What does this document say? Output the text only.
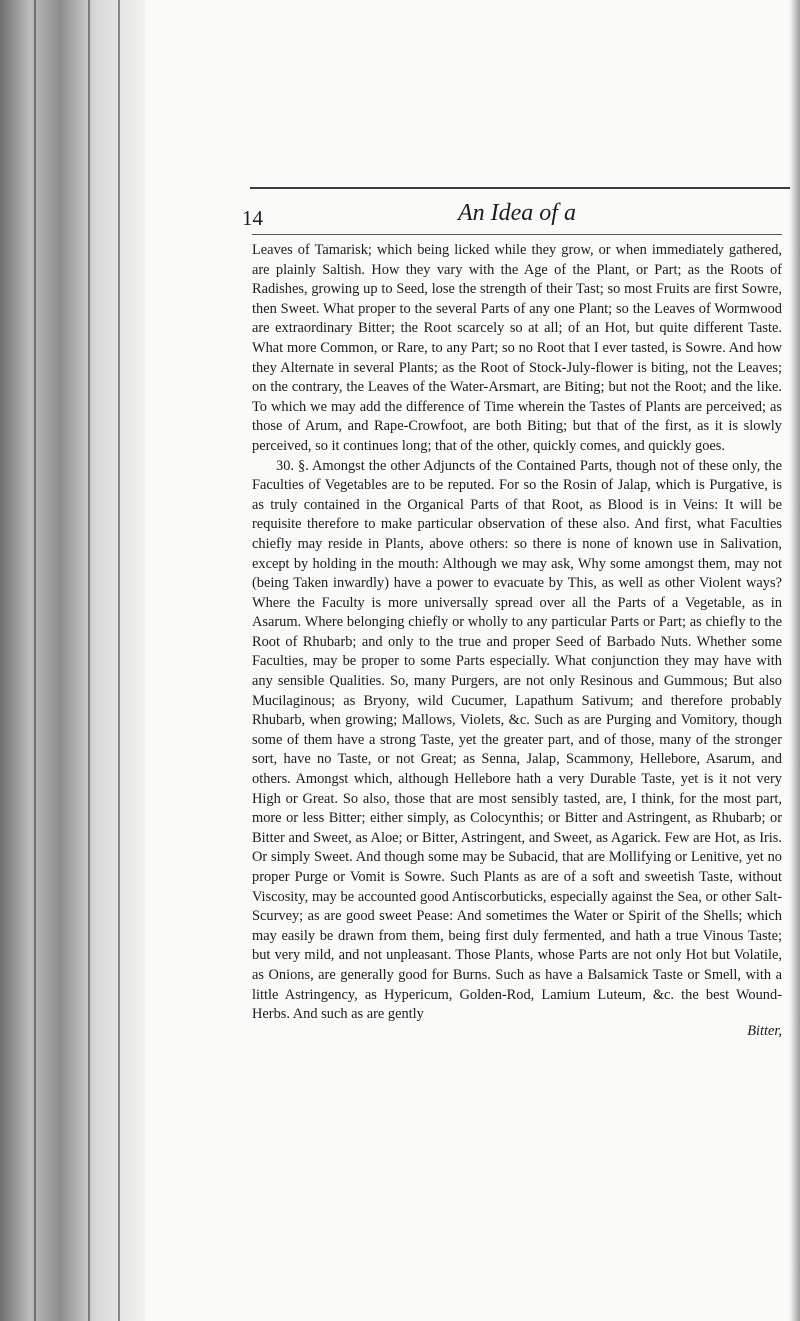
14	An Idea of a

Leaves of Tamarisk; which being licked while they grow, or when immediately gathered, are plainly Saltish. How they vary with the Age of the Plant, or Part; as the Roots of Radishes, growing up to Seed, lose the strength of their Tast; so most Fruits are first Sowre, then Sweet. What proper to the several Parts of any one Plant; so the Leaves of Wormwood are extraordinary Bitter; the Root scarcely so at all; of an Hot, but quite different Taste. What more Common, or Rare, to any Part; so no Root that I ever tasted, is Sowre. And how they Alternate in several Plants; as the Root of Stock-July-flower is biting, not the Leaves; on the contrary, the Leaves of the Water-Arsmart, are Biting; but not the Root; and the like. To which we may add the difference of Time wherein the Tastes of Plants are perceived; as those of Arum, and Rape-Crowfoot, are both Biting; but that of the first, as it is slowly perceived, so it continues long; that of the other, quickly comes, and quickly goes.

30. §. Amongst the other Adjuncts of the Contained Parts, though not of these only, the Faculties of Vegetables are to be reputed. For so the Rosin of Jalap, which is Purgative, is as truly contained in the Organical Parts of that Root, as Blood is in Veins: It will be requisite therefore to make particular observation of these also. And first, what Faculties chiefly may reside in Plants, above others: so there is none of known use in Salivation, except by holding in the mouth: Although we may ask, Why some amongst them, may not (being Taken inwardly) have a power to evacuate by This, as well as other Violent ways? Where the Faculty is more universally spread over all the Parts of a Vegetable, as in Asarum. Where belonging chiefly or wholly to any particular Parts or Part; as chiefly to the Root of Rhubarb; and only to the true and proper Seed of Barbado Nuts. Whether some Faculties, may be proper to some Parts especially. What conjunction they may have with any sensible Qualities. So, many Purgers, are not only Resinous and Gummous; But also Mucilaginous; as Bryony, wild Cucumer, Lapathum Sativum; and therefore probably Rhubarb, when growing; Mallows, Violets, &c. Such as are Purging and Vomitory, though some of them have a strong Taste, yet the greater part, and of those, many of the stronger sort, have no Taste, or not Great; as Senna, Jalap, Scammony, Hellebore, Asarum, and others. Amongst which, although Hellebore hath a very Durable Taste, yet is it not very High or Great. So also, those that are most sensibly tasted, are, I think, for the most part, more or less Bitter; either simply, as Colocynthis; or Bitter and Astringent, as Rhubarb; or Bitter and Sweet, as Aloe; or Bitter, Astringent, and Sweet, as Agarick. Few are Hot, as Iris. Or simply Sweet. And though some may be Subacid, that are Mollifying or Lenitive, yet no proper Purge or Vomit is Sowre. Such Plants as are of a soft and sweetish Taste, without Viscosity, may be accounted good Antiscorbuticks, especially against the Sea, or other Salt-Scurvey; as are good sweet Pease: And sometimes the Water or Spirit of the Shells; which may easily be drawn from them, being first duly fermented, and hath a true Vinous Taste; but very mild, and not unpleasant. Those Plants, whose Parts are not only Hot but Volatile, as Onions, are generally good for Burns. Such as have a Balsamick Taste or Smell, with a little Astringency, as Hypericum, Golden-Rod, Lamium Luteum, &c. the best Wound-Herbs. And such as are gently

Bitter,
